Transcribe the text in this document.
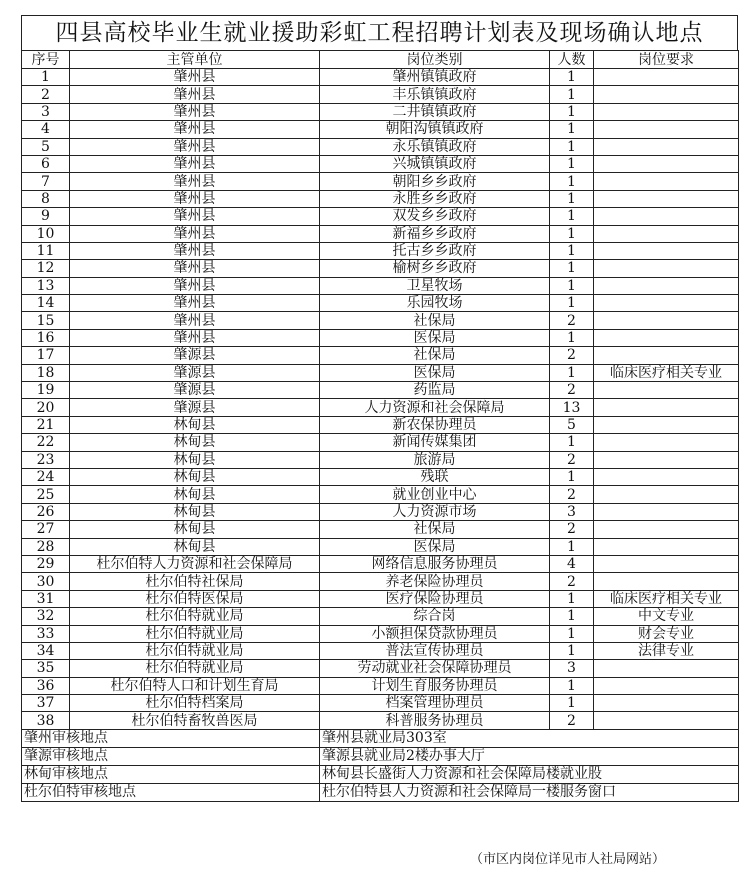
四县高校毕业生就业援助彩虹工程招聘计划表及现场确认地点
序号	主管单位	岗位类别	人数	岗位要求
1	肇州县	肇州镇镇政府	1	
2	肇州县	丰乐镇镇政府	1	
3	肇州县	二井镇镇政府	1	
4	肇州县	朝阳沟镇镇政府	1	
5	肇州县	永乐镇镇政府	1	
6	肇州县	兴城镇镇政府	1	
7	肇州县	朝阳乡乡政府	1	
8	肇州县	永胜乡乡政府	1	
9	肇州县	双发乡乡政府	1	
10	肇州县	新福乡乡政府	1	
11	肇州县	托古乡乡政府	1	
12	肇州县	榆树乡乡政府	1	
13	肇州县	卫星牧场	1	
14	肇州县	乐园牧场	1	
15	肇州县	社保局	2	
16	肇州县	医保局	1	
17	肇源县	社保局	2	
18	肇源县	医保局	1	临床医疗相关专业
19	肇源县	药监局	2	
20	肇源县	人力资源和社会保障局	13	
21	林甸县	新农保协理员	5	
22	林甸县	新闻传媒集团	1	
23	林甸县	旅游局	2	
24	林甸县	残联	1	
25	林甸县	就业创业中心	2	
26	林甸县	人力资源市场	3	
27	林甸县	社保局	2	
28	林甸县	医保局	1	
29	杜尔伯特人力资源和社会保障局	网络信息服务协理员	4	
30	杜尔伯特社保局	养老保险协理员	2	
31	杜尔伯特医保局	医疗保险协理员	1	临床医疗相关专业
32	杜尔伯特就业局	综合岗	1	中文专业
33	杜尔伯特就业局	小额担保贷款协理员	1	财会专业
34	杜尔伯特就业局	普法宣传协理员	1	法律专业
35	杜尔伯特就业局	劳动就业社会保障协理员	3	
36	杜尔伯特人口和计划生育局	计划生育服务协理员	1	
37	杜尔伯特档案局	档案管理协理员	1	
38	杜尔伯特畜牧兽医局	科普服务协理员	2	
肇州审核地点		肇州县就业局303室		
肇源审核地点		肇源县就业局2楼办事大厅		
林甸审核地点		林甸县长盛街人力资源和社会保障局楼就业股		
杜尔伯特审核地点		杜尔伯特县人力资源和社会保障局一楼服务窗口		
（市区内岗位详见市人社局网站）
